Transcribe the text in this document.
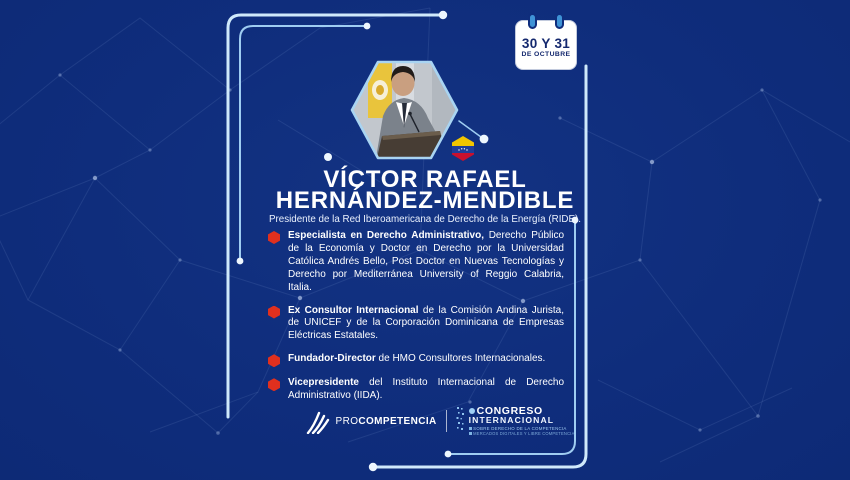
30 Y 31
DE OCTUBRE
VÍCTOR RAFAEL
HERNÁNDEZ-MENDIBLE
Presidente de la Red Iberoamericana de Derecho de la Energía (RIDE).

Especialista en Derecho Administrativo, Derecho Público de la Economía y Doctor en Derecho por la Universidad Católica Andrés Bello, Post Doctor en Nuevas Tecnologías y Derecho por Mediterránea University of Reggio Calabria, Italia.

Ex Consultor Internacional de la Comisión Andina Jurista, de UNICEF y de la Corporación Dominicana de Empresas Eléctricas Estatales.

Fundador-Director de HMO Consultores Internacionales.

Vicepresidente del Instituto Internacional de Derecho Administrativo (IIDA).

PROCOMPETENCIA
CONGRESO
INTERNACIONAL
SOBRE DERECHO DE LA COMPETENCIA
MERCADOS DIGITALES Y LIBRE COMPETENCIA
